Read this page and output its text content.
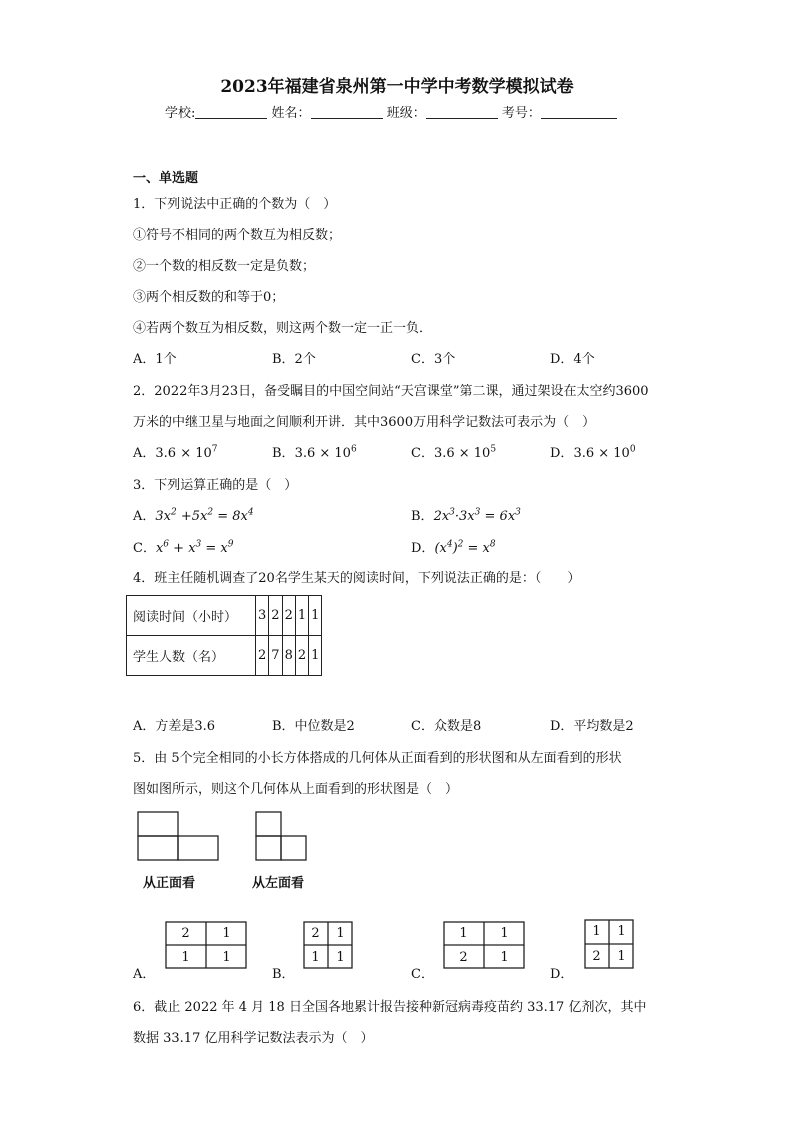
2023年福建省泉州第一中学中考数学模拟试卷
学校:	姓名：	班级：	考号：
一、单选题
1．下列说法中正确的个数为（　）
①符号不相同的两个数互为相反数；
②一个数的相反数一定是负数；
③两个相反数的和等于0；
④若两个数互为相反数，则这两个数一定一正一负．
A．1个	B．2个	C．3个	D．4个
2．2022年3月23日，备受瞩目的中国空间站“天宫课堂”第二课，通过架设在太空约3600
万米的中继卫星与地面之间顺利开讲．其中3600万用科学记数法可表示为（　）
A．$3.6 \times 10^7$	B．$3.6 \times 10^6$	C．$3.6 \times 10^5$	D．$3.6 \times 10^0$
3．下列运算正确的是（　）
A．$3x^2 +5x^2 = 8x^4$	B．$2x^3\cdot 3x^3 = 6x^3$
C．$x^6 + x^3 = x^9$	D．$(x^4)^2 = x^8$
4．班主任随机调查了20名学生某天的阅读时间，下列说法正确的是：（　　）
阅读时间（小时）	3	2	2	1	1
学生人数（名）	2	7	8	2	1
A．方差是3.6	B．中位数是2	C．众数是8	D．平均数是2
5．由 5个完全相同的小长方体搭成的几何体从正面看到的形状图和从左面看到的形状
图如图所示，则这个几何体从上面看到的形状图是（　）
从正面看	从左面看
A．
2	1
1	1
B．
2	1
1	1
C．
1	1
2	1
D．
1	1
2	1
6．截止 2022 年 4 月 18 日全国各地累计报告接种新冠病毒疫苗约 33.17 亿剂次，其中
数据 33.17 亿用科学记数法表示为（　）
